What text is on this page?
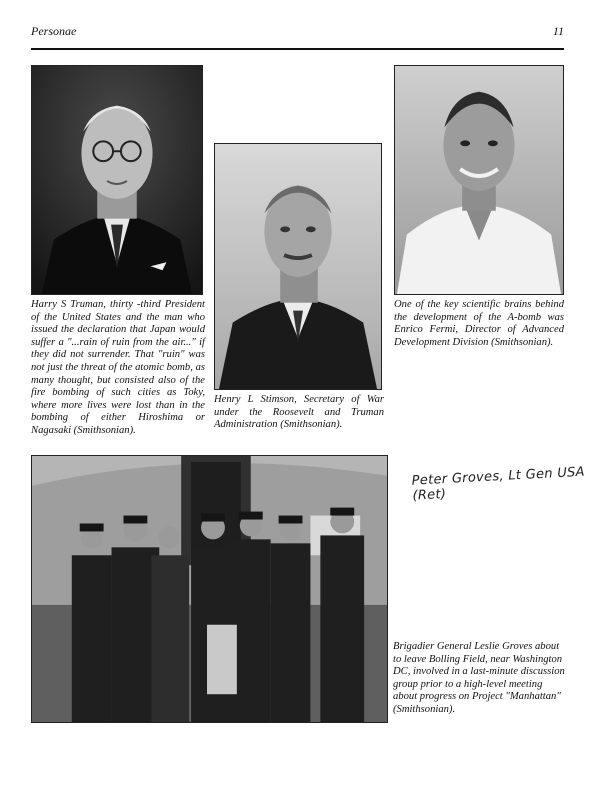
Personae	11
Harry S Truman, thirty -third President of the United States and the man who issued the declaration that Japan would suffer a "...rain of ruin from the air..." if they did not surrender. That "ruin" was not just the threat of the atomic bomb, as many thought, but consisted also of the fire bombing of such cities as Toky, where more lives were lost than in the bombing of either Hiroshima or Nagasaki (Smithsonian).
Henry L Stimson, Secretary of War under the Roosevelt and Truman Administration (Smithsonian).
One of the key scientific brains behind the development of the A-bomb was Enrico Fermi, Director of Advanced Development Division (Smithsonian).
Peter Groves, Lt Gen USA (Ret)
Brigadier General Leslie Groves about to leave Bolling Field, near Washington DC, involved in a last-minute discussion group prior to a high-level meeting about progress on Project "Manhattan" (Smithsonian).
